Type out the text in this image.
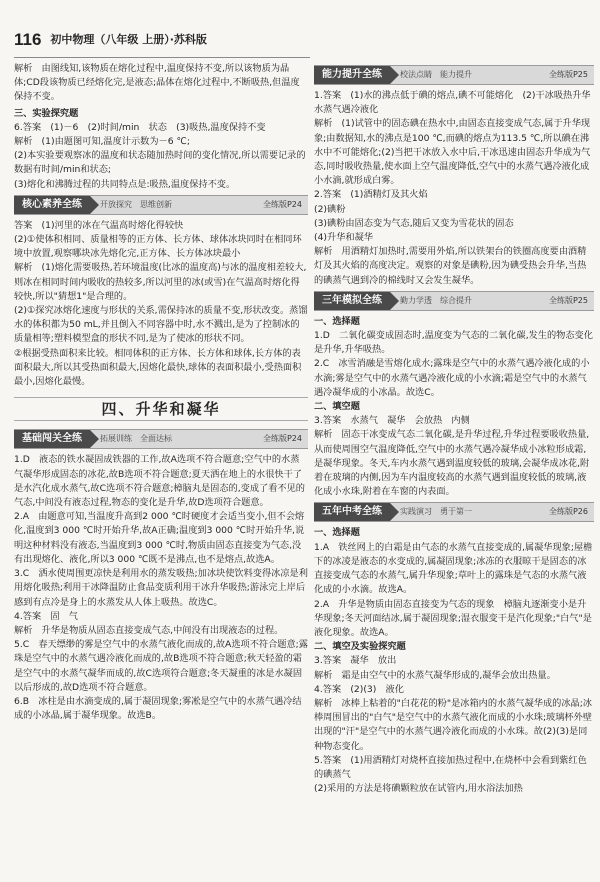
116 初中物理（八年级 上册）·苏科版

解析　由图线知,该物质在熔化过程中,温度保持不变,所以该物质为晶体;CD段该物质已经熔化完,是液态;晶体在熔化过程中,不断吸热,但温度保持不变。

三、实验探究题

6.答案　(1)－6　(2)时间/min　状态　(3)吸热,温度保持不变

解析　(1)由题图可知,温度计示数为－6 ℃;

(2)本实验要观察冰的温度和状态随加热时间的变化情况,所以需要记录的数据有时间/min和状态;

(3)熔化和沸腾过程的共同特点是:吸热,温度保持不变。

核心素养全练	开放探究　思维创新	全练版P24

答案　(1)河里的冰在气温高时熔化得较快

(2)①使体积相同、质量相等的正方体、长方体、球体冰块同时在相同环境中放置,观察哪块冰先熔化完,正方体、长方体冰块最小

解析　(1)熔化需要吸热,若环境温度(比冰的温度高)与冰的温度相差较大,则冰在相同时间内吸收的热较多,所以河里的冰(或雪)在气温高时熔化得较快,所以"猜想1"是合理的。

(2)①探究冰熔化速度与形状的关系,需保持冰的质量不变,形状改变。蒸馏水的体积都为50 mL,并且倒入不同容器中时,水不溅出,是为了控制冰的质量相等;塑料模型盒的形状不同,是为了使冰的形状不同。

②根据受热面积来比较。相同体积的正方体、长方体和球体,长方体的表面积最大,所以其受热面积最大,因熔化最快,球体的表面积最小,受热面积最小,因熔化最慢。

四、升华和凝华
基础闯关全练	拓展训练　全面达标	全练版P24

1.D　液态的铁水凝固成铁器的工作,故A选项不符合题意;空气中的水蒸气凝华形成固态的冰花,故B选项不符合题意;夏天洒在地上的水很快干了是水汽化成水蒸气,故C选项不符合题意;樟脑丸是固态的,变成了看不见的气态,中间没有液态过程,物态的变化是升华,故D选项符合题意。

2.A　由题意可知,当温度升高到2 000 ℃时硬度才会适当变小,但不会熔化,温度到3 000 ℃时开始升华,故A正确;温度到3 000 ℃时开始升华,说明这种材料没有液态,当温度到3 000 ℃时,物质由固态直接变为气态,没有出现熔化、液化,所以3 000 ℃既不是沸点,也不是熔点,故选A。

3.C　洒水使周围更凉快是利用水的蒸发吸热;加冰块使饮料变得冰凉是利用熔化吸热;利用干冰降温防止食品变质利用干冰升华吸热;游泳完上岸后感到有点冷是身上的水蒸发从人体上吸热。故选C。

4.答案　固　气

解析　升华是物质从固态直接变成气态,中间没有出现液态的过程。

5.C　春天缥缈的雾是空气中的水蒸气液化而成的,故A选项不符合题意;露珠是空气中的水蒸气遇冷液化而成的,故B选项不符合题意;秋天轻盈的霜是空气中的水蒸气凝华而成的,故C选项符合题意;冬天凝重的冰是水凝固以后形成的,故D选项不符合题意。

6.B　冰柱是由水滴变成的,属于凝固现象;雾凇是空气中的水蒸气遇冷结成的小冰晶,属于凝华现象。故选B。

能力提升全练	校法点睛　能力提升	全练版P25

1.答案　(1)水的沸点低于碘的熔点,碘不可能熔化　(2)干冰吸热升华　水蒸气遇冷液化

解析　(1)试管中的固态碘在热水中,由固态直接变成气态,属于升华现象;由数据知,水的沸点是100 ℃,而碘的熔点为113.5 ℃,所以碘在沸水中不可能熔化;(2)当把干冰放入水中后,干冰迅速由固态升华成为气态,同时吸收热量,使水面上空气温度降低,空气中的水蒸气遇冷液化成小水滴,就形成白雾。

2.答案　(1)酒精灯及其火焰

(2)碘粉

(3)碘粉由固态变为气态,随后又变为雪花状的固态

(4)升华和凝华

解析　用酒精灯加热时,需要用外焰,所以铁架台的铁圈高度要由酒精灯及其火焰的高度决定。观察的对象是碘粉,因为碘受热会升华,当热的碘蒸气遇到冷的棉线时又会发生凝华。

三年模拟全练	勤力学透　综合提升	全练版P25

一、选择题

1.D　二氧化碳变成固态时,温度变为气态的二氧化碳,发生的物态变化是升华,升华吸热。

2.C　冰雪消融是雪熔化成水;露珠是空气中的水蒸气遇冷液化成的小水滴;雾是空气中的水蒸气遇冷液化成的小水滴;霜是空气中的水蒸气遇冷凝华成的小冰晶。故选C。

二、填空题

3.答案　水蒸气　凝华　会放热　内侧

解析　固态干冰变成气态二氧化碳,是升华过程,升华过程要吸收热量,从而使周围空气温度降低,空气中的水蒸气遇冷凝华成小冰粒形成霜,是凝华现象。冬天,车内水蒸气遇到温度较低的玻璃,会凝华成冰花,附着在玻璃的内侧,因为车内温度较高的水蒸气遇到温度较低的玻璃,液化成小水珠,附着在车窗的内表面。

五年中考全练	实践演习　勇于第一	全练版P26

一、选择题

1.A　铁丝网上的白霜是由气态的水蒸气直接变成的,属凝华现象;屋檐下的冰凌是液态的水变成的,属凝固现象;冰冻的衣服晾干是固态的冰直接变成气态的水蒸气,属升华现象;草叶上的露珠是气态的水蒸气液化成的小水滴。故选A。

2.A　升华是物质由固态直接变为气态的现象　樟脑丸逐渐变小是升华现象;冬天河面结冰,属于凝固现象;湿衣服变干是汽化现象;"白气"是液化现象。故选A。

二、填空及实验探究题

3.答案　凝华　放出

解析　霜是由空气中的水蒸气凝华形成的,凝华会放出热量。

4.答案　(2)(3)　液化

解析　冰棒上粘着的"白花花的粉"是冰箱内的水蒸气凝华成的冰晶;冰棒周围冒出的"白气"是空气中的水蒸气液化而成的小水珠;玻璃杯外壁出现的"汗"是空气中的水蒸气遇冷液化而成的小水珠。故(2)(3)是同种物态变化。

5.答案　(1)用酒精灯对烧杯直接加热过程中,在烧杯中会看到紫红色的碘蒸气

(2)采用的方法是将碘颗粒放在试管内,用水浴法加热
